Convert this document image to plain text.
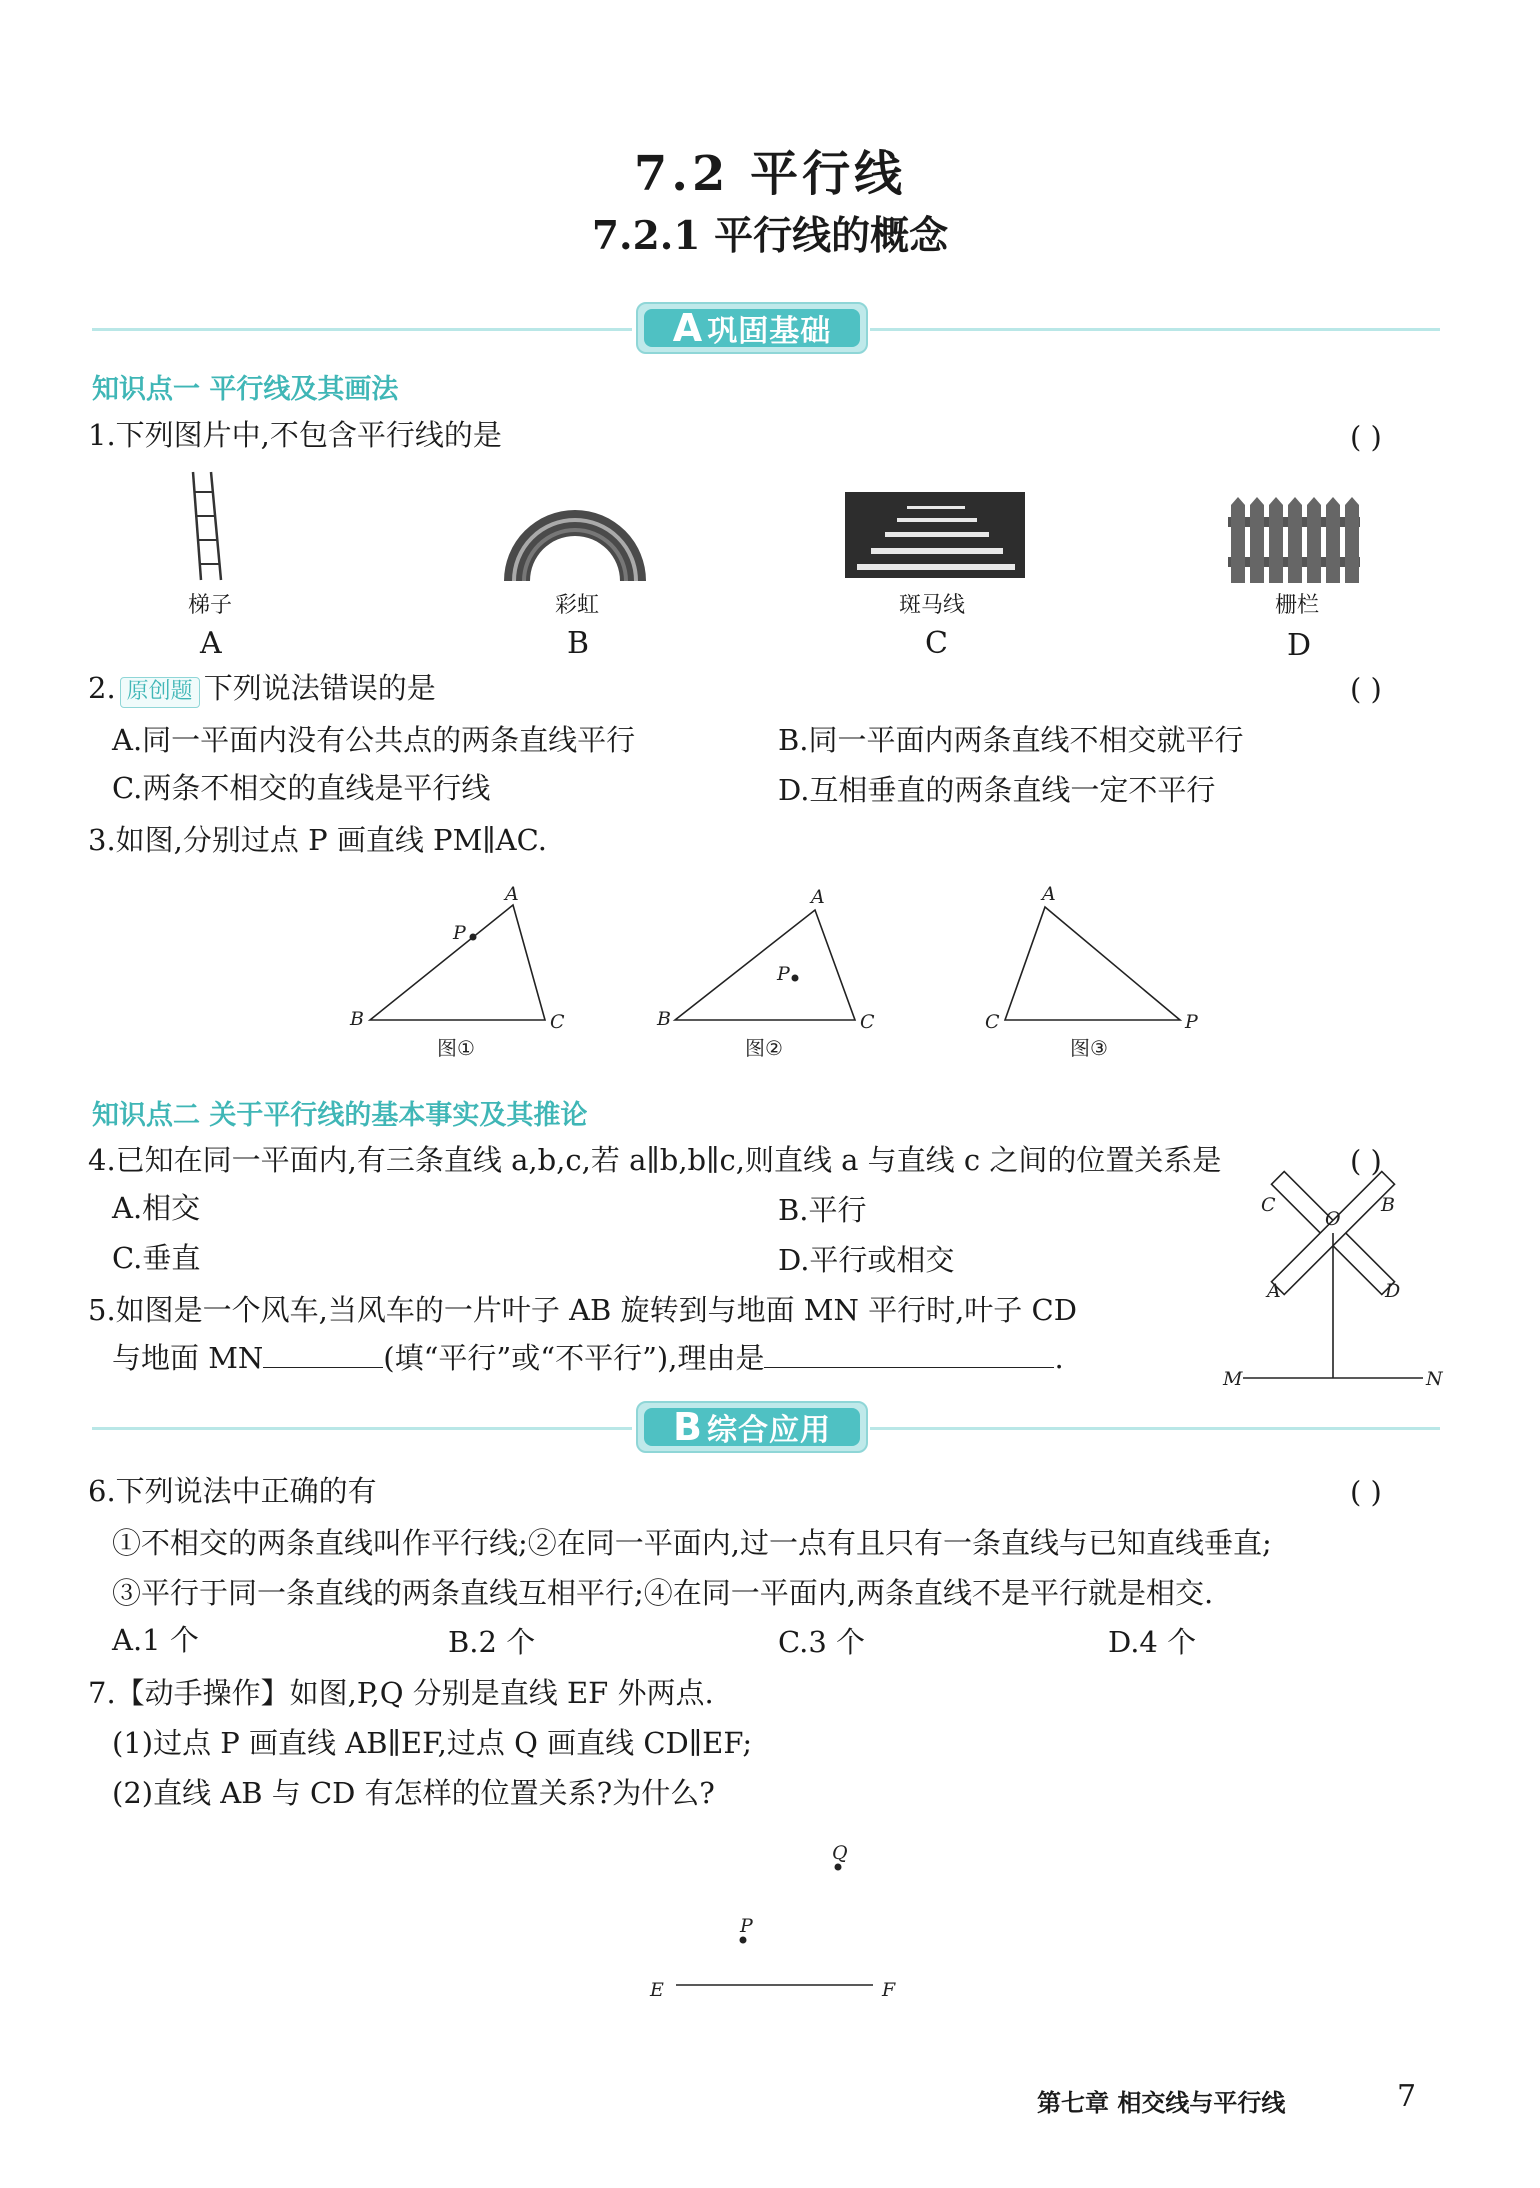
7.2 平行线
7.2.1 平行线的概念
A 巩固基础
知识点一 平行线及其画法
1.下列图片中,不包含平行线的是	( )
梯子	彩虹	斑马线	栅栏
A	B	C	D
2. 原创题 下列说法错误的是	( )
A.同一平面内没有公共点的两条直线平行	B.同一平面内两条直线不相交就平行
C.两条不相交的直线是平行线	D.互相垂直的两条直线一定不平行
3.如图,分别过点 P 画直线 PM∥AC.
B
A
C
P
B
A
C
P
C
A
P
图①	图②	图③
知识点二 关于平行线的基本事实及其推论
4.已知在同一平面内,有三条直线 a,b,c,若 a∥b,b∥c,则直线 a 与直线 c 之间的位置关系是	( )
A.相交	B.平行
C.垂直	D.平行或相交
C
O
B
A	D
M	N
5.如图是一个风车,当风车的一片叶子 AB 旋转到与地面 MN 平行时,叶子 CD
与地面 MN	(填“平行”或“不平行”),理由是	.
B 综合应用
6.下列说法中正确的有	( )
①不相交的两条直线叫作平行线;②在同一平面内,过一点有且只有一条直线与已知直线垂直;
③平行于同一条直线的两条直线互相平行;④在同一平面内,两条直线不是平行就是相交.
A.1 个	B.2 个	C.3 个	D.4 个
7.【动手操作】如图,P,Q 分别是直线 EF 外两点.
(1)过点 P 画直线 AB∥EF,过点 Q 画直线 CD∥EF;
(2)直线 AB 与 CD 有怎样的位置关系?为什么?
Q
P
E	F
第七章 相交线与平行线	7
